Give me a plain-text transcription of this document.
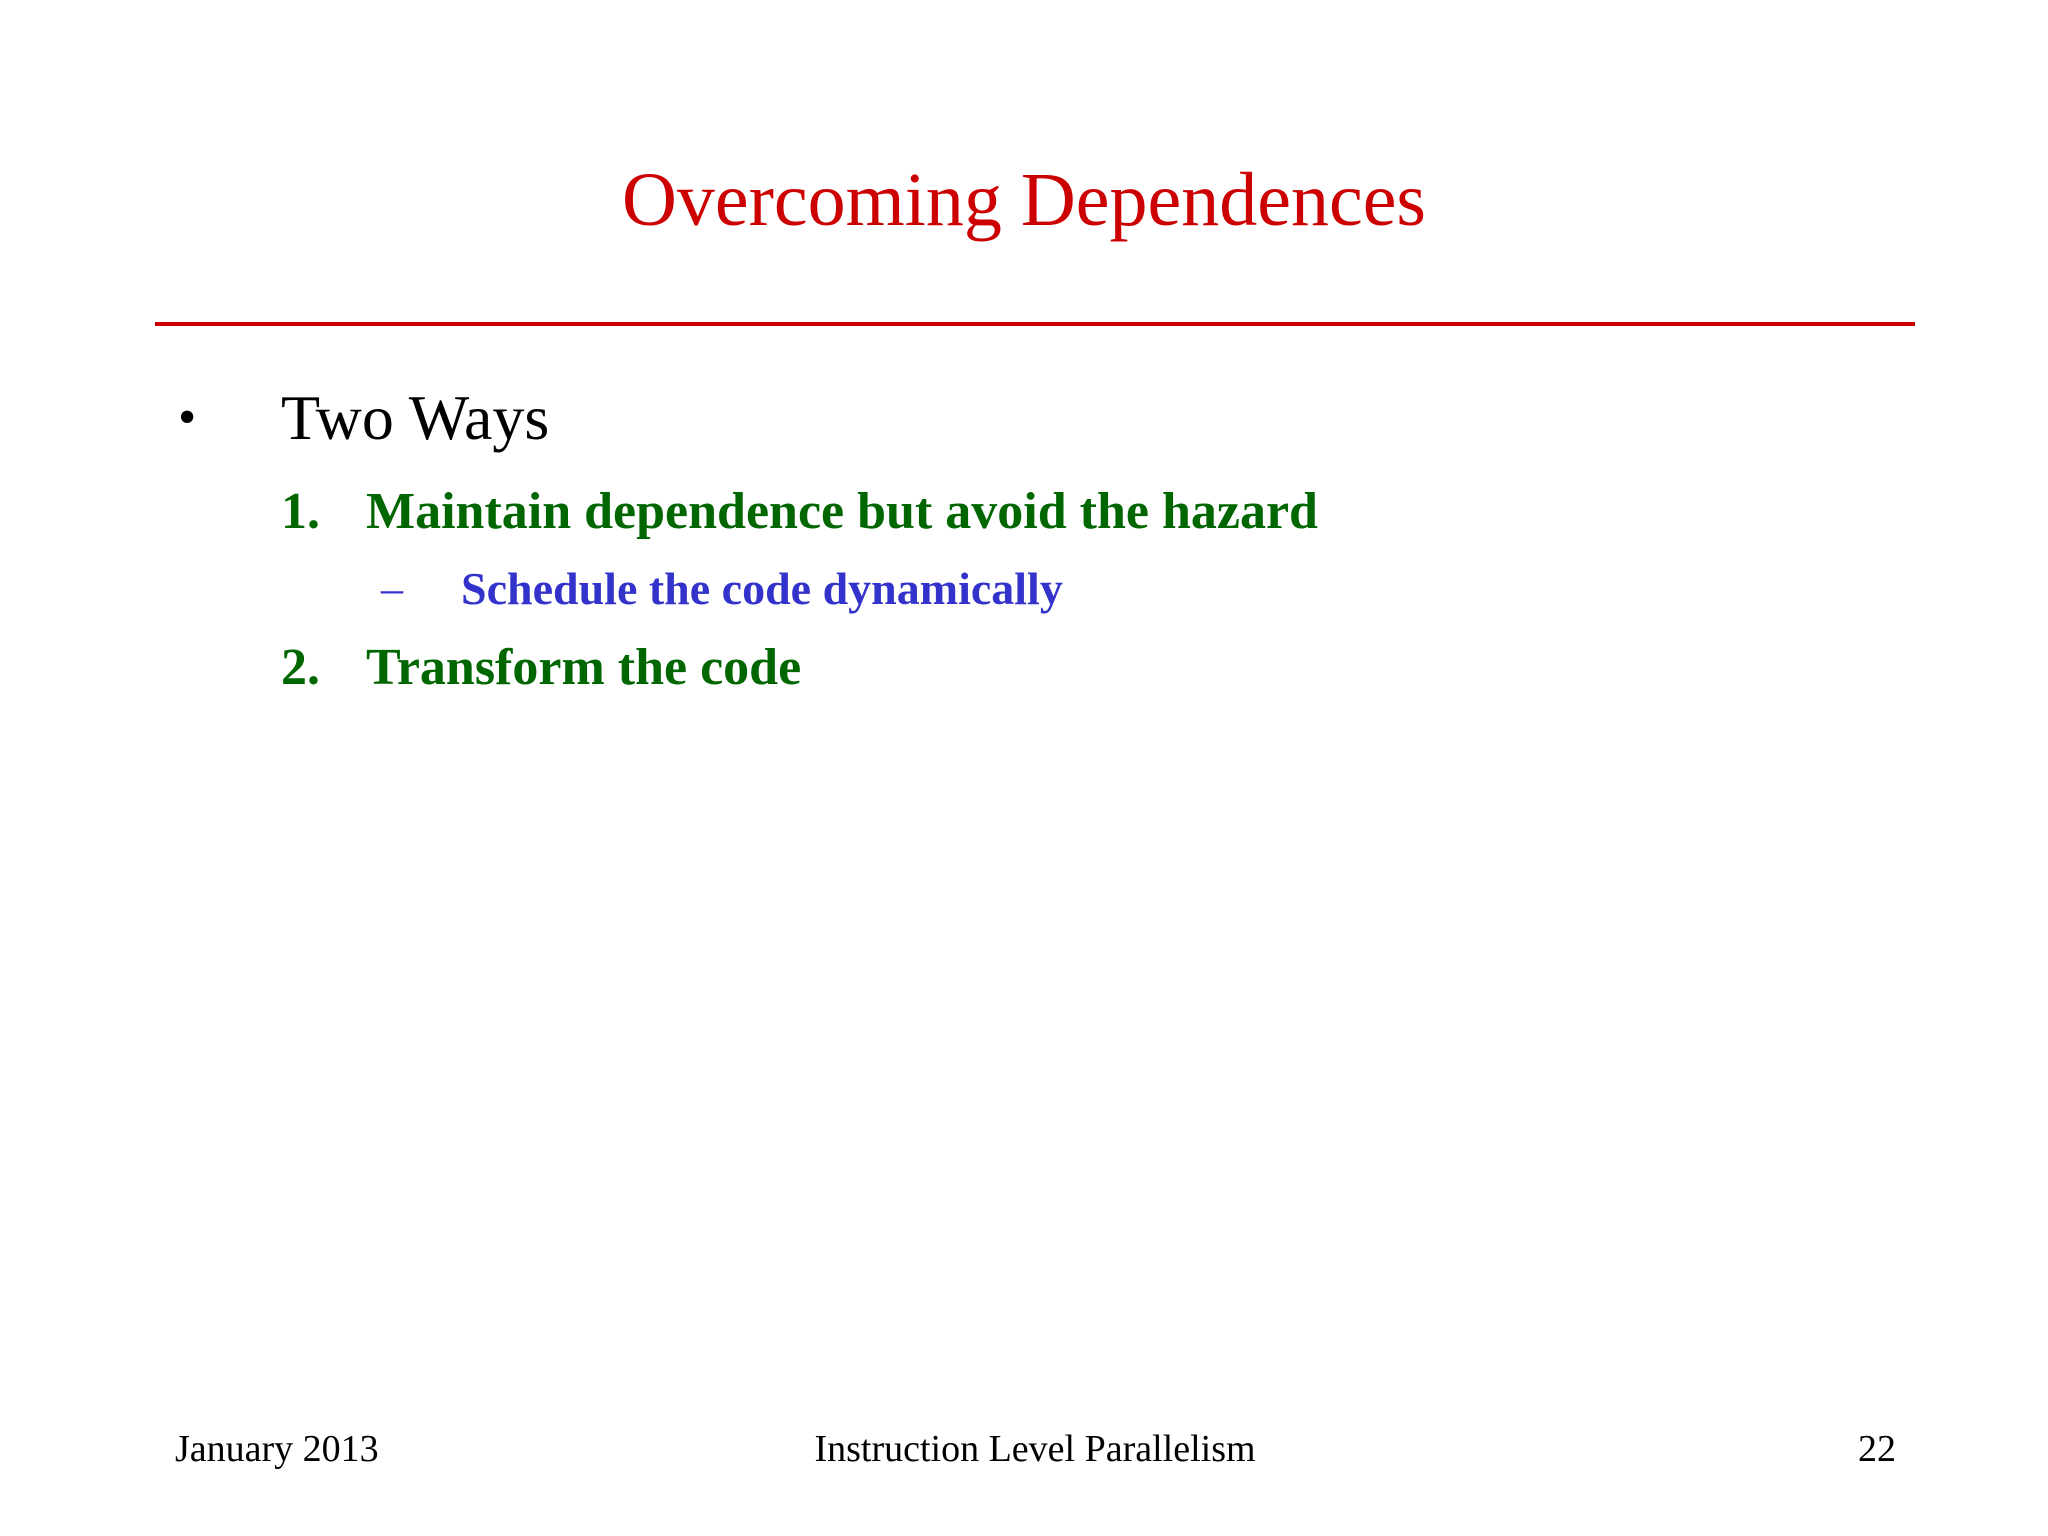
Overcoming Dependences
• Two Ways
1. Maintain dependence but avoid the hazard
– Schedule the code dynamically
2. Transform the code
January 2013	Instruction Level Parallelism	22
